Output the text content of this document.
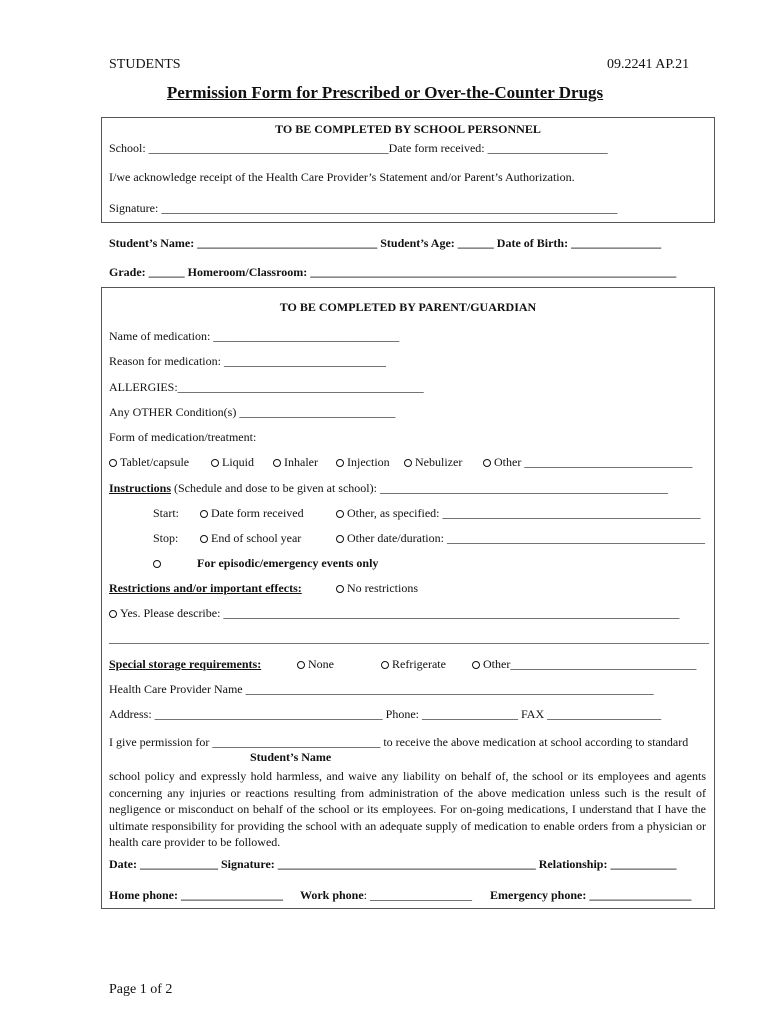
STUDENTS	09.2241 AP.21
Permission Form for Prescribed or Over-the-Counter Drugs
TO BE COMPLETED BY SCHOOL PERSONNEL
School: ________________________________________Date form received: ____________________
I/we acknowledge receipt of the Health Care Provider’s Statement and/or Parent’s Authorization.
Signature: ____________________________________________________________________________
Student’s Name: ______________________________ Student’s Age: ______ Date of Birth: _______________
Grade: ______ Homeroom/Classroom: _____________________________________________________________
TO BE COMPLETED BY PARENT/GUARDIAN
Name of medication: _______________________________
Reason for medication: ___________________________
ALLERGIES:_________________________________________
Any OTHER Condition(s) __________________________
Form of medication/treatment:
Tablet/capsule	Liquid	Inhaler	Injection	Nebulizer	Other ____________________________
Instructions (Schedule and dose to be given at school): ________________________________________________
Start:	Date form received	Other, as specified: ___________________________________________
Stop:	End of school year	Other date/duration: ___________________________________________
For episodic/emergency events only
Restrictions and/or important effects:	No restrictions
Yes. Please describe: ____________________________________________________________________________
____________________________________________________________________________________________________
Special storage requirements:	None	Refrigerate	Other_______________________________
Health Care Provider Name ____________________________________________________________________
Address: ______________________________________ Phone: ________________ FAX ___________________
I give permission for ____________________________ to receive the above medication at school according to standard
Student’s Name
school policy and expressly hold harmless, and waive any liability on behalf of, the school or its employees and agents concerning any injuries or reactions resulting from administration of the above medication unless such is the result of negligence or misconduct on behalf of the school or its employees. For on-going medications, I understand that I have the ultimate responsibility for providing the school with an adequate supply of medication to enable orders from a physician or health care provider to be followed.
Date: _____________ Signature: ___________________________________________ Relationship: ___________
Home phone: _________________ Work phone: _________________ Emergency phone: _________________
Page 1 of 2
